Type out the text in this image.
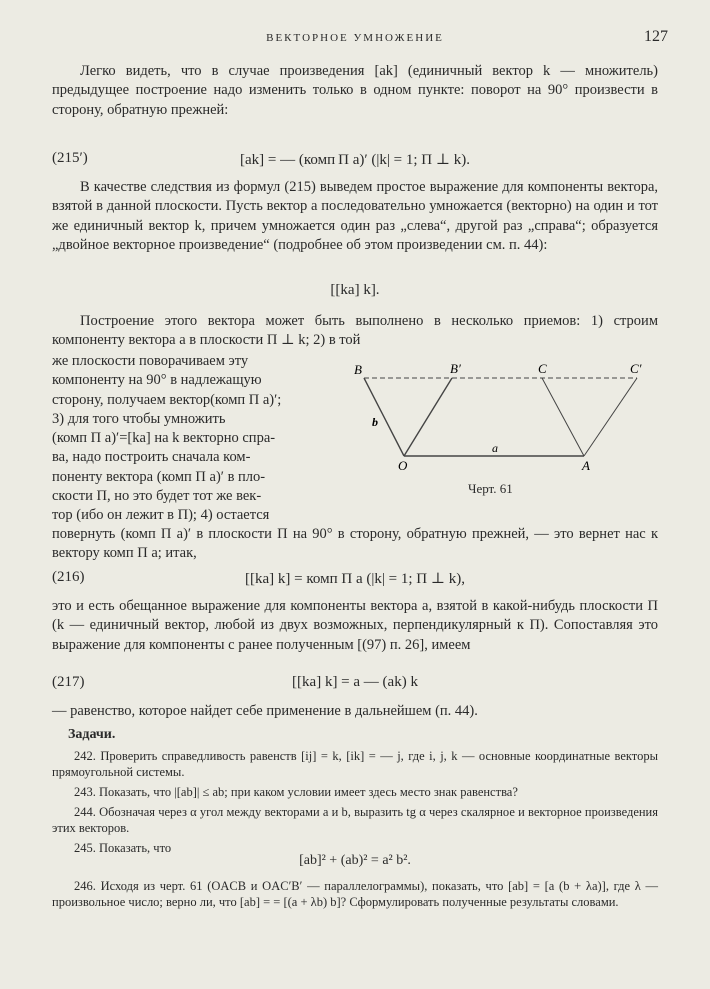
ВЕКТОРНОЕ УМНОЖЕНИЕ	127

Легко видеть, что в случае произведения [ak] (единичный вектор k — множитель) предыдущее построение надо изменить только в одном пункте: поворот на 90° произвести в сторону, обратную прежней:

(215′)	[ak] = — (комп П a)′ (|k| = 1; П ⊥ k).

В качестве следствия из формул (215) выведем простое выражение для компоненты вектора, взятой в данной плоскости. Пусть вектор a последовательно умножается (векторно) на один и тот же единичный вектор k, причем умножается один раз „слева“, другой раз „справа“; образуется „двойное векторное произведение“ (подробнее об этом произведении см. п. 44):

[[ka] k].

Построение этого вектора может быть выполнено в несколько приемов: 1) строим компоненту вектора a в плоскости П ⊥ k; 2) в той

же плоскости поворачиваем эту
компоненту на 90° в надлежащую
сторону, получаем вектор(комп П a)′;
3) для того чтобы умножить
(комп П a)′=[ka] на k векторно спра-
ва, надо построить сначала ком-
поненту вектора (комп П a)′ в пло-
скости П, но это будет тот же век-
тор (ибо он лежит в П); 4) остается
B	B′	C	C′
O	A
a
b
Черт. 61

повернуть (комп П a)′ в плоскости П на 90° в сторону, обратную прежней, — это вернет нас к вектору комп П a; итак,

(216)	[[ka] k] = комп П a (|k| = 1; П ⊥ k),

это и есть обещанное выражение для компоненты вектора a, взятой в какой-нибудь плоскости П (k — единичный вектор, любой из двух возможных, перпендикулярный к П). Сопоставляя это выражение для компоненты с ранее полученным [(97) п. 26], имеем

(217)	[[ka] k] = a — (ak) k

— равенство, которое найдет себе применение в дальнейшем (п. 44).

Задачи.

242. Проверить справедливость равенств [ij] = k, [ik] = — j, где i, j, k — основные координатные векторы прямоугольной системы.

243. Показать, что |[ab]| ≤ ab; при каком условии имеет здесь место знак равенства?

244. Обозначая через α угол между векторами a и b, выразить tg α через скалярное и векторное произведения этих векторов.

245. Показать, что

[ab]² + (ab)² = a² b².

246. Исходя из черт. 61 (OACB и OAC′B′ — параллелограммы), показать, что [ab] = [a (b + λa)], где λ — произвольное число; верно ли, что [ab] = = [(a + λb) b]? Сформулировать полученные результаты словами.
